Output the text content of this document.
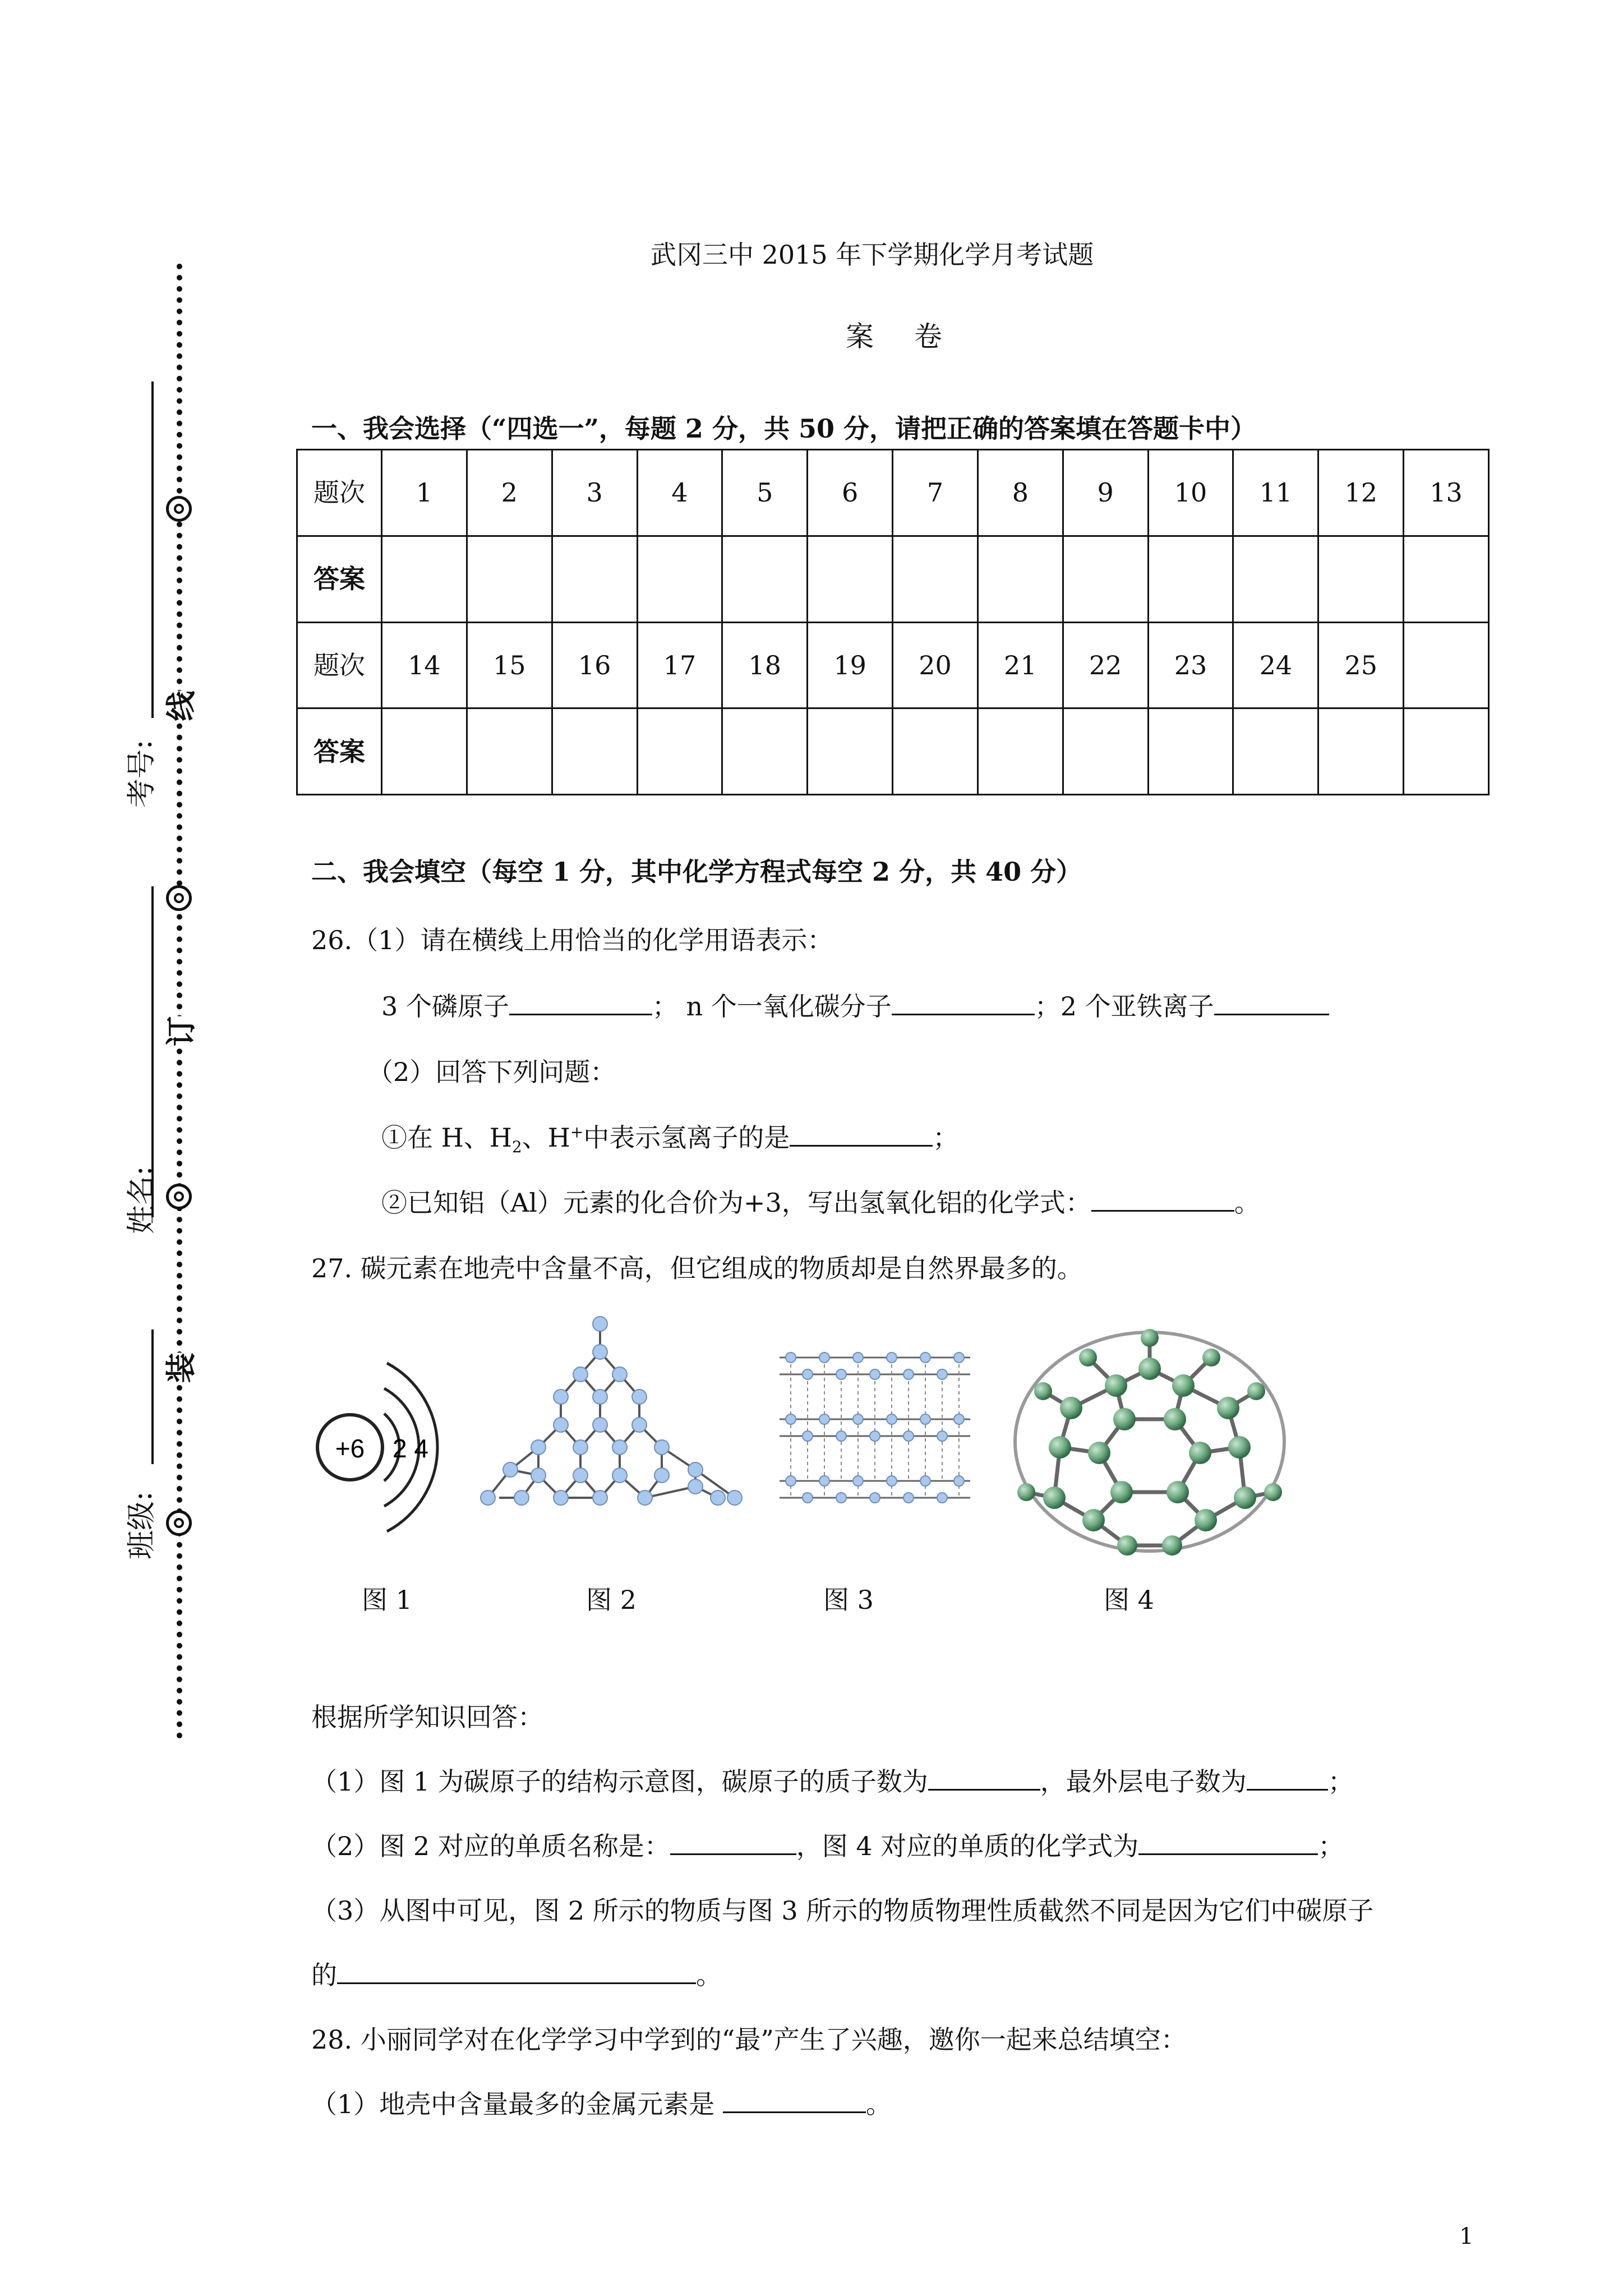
考号:
线
订
姓名:
装
班级:
武冈三中 2015 年下学期化学月考试题
案卷
一、我会选择（“四选一”，每题 2 分，共 50 分，请把正确的答案填在答题卡中）
题次	1	2	3	4	5	6	7	8	9	10	11	12	13
答案													
题次	14	15	16	17	18	19	20	21	22	23	24	25	
答案													
二、我会填空（每空 1 分，其中化学方程式每空 2 分，共 40 分）
26.（1）请在横线上用恰当的化学用语表示：
3 个磷原子	； n 个一氧化碳分子	；2 个亚铁离子
（2）回答下列问题：
①在 H、$H_2$、H+中表示氢离子的是	；
②已知铝（Al）元素的化合价为+3，写出氢氧化铝的化学式：	。
27. 碳元素在地壳中含量不高，但它组成的物质却是自然界最多的。
+6 2 4
图 1	图 2	图 3	图 4
根据所学知识回答：
（1）图 1 为碳原子的结构示意图，碳原子的质子数为	，最外层电子数为	；
（2）图 2 对应的单质名称是：	，图 4 对应的单质的化学式为	；
（3）从图中可见，图 2 所示的物质与图 3 所示的物质物理性质截然不同是因为它们中碳原子
的	。
28. 小丽同学对在化学学习中学到的“最”产生了兴趣，邀你一起来总结填空：
（1）地壳中含量最多的金属元素是	。
1
